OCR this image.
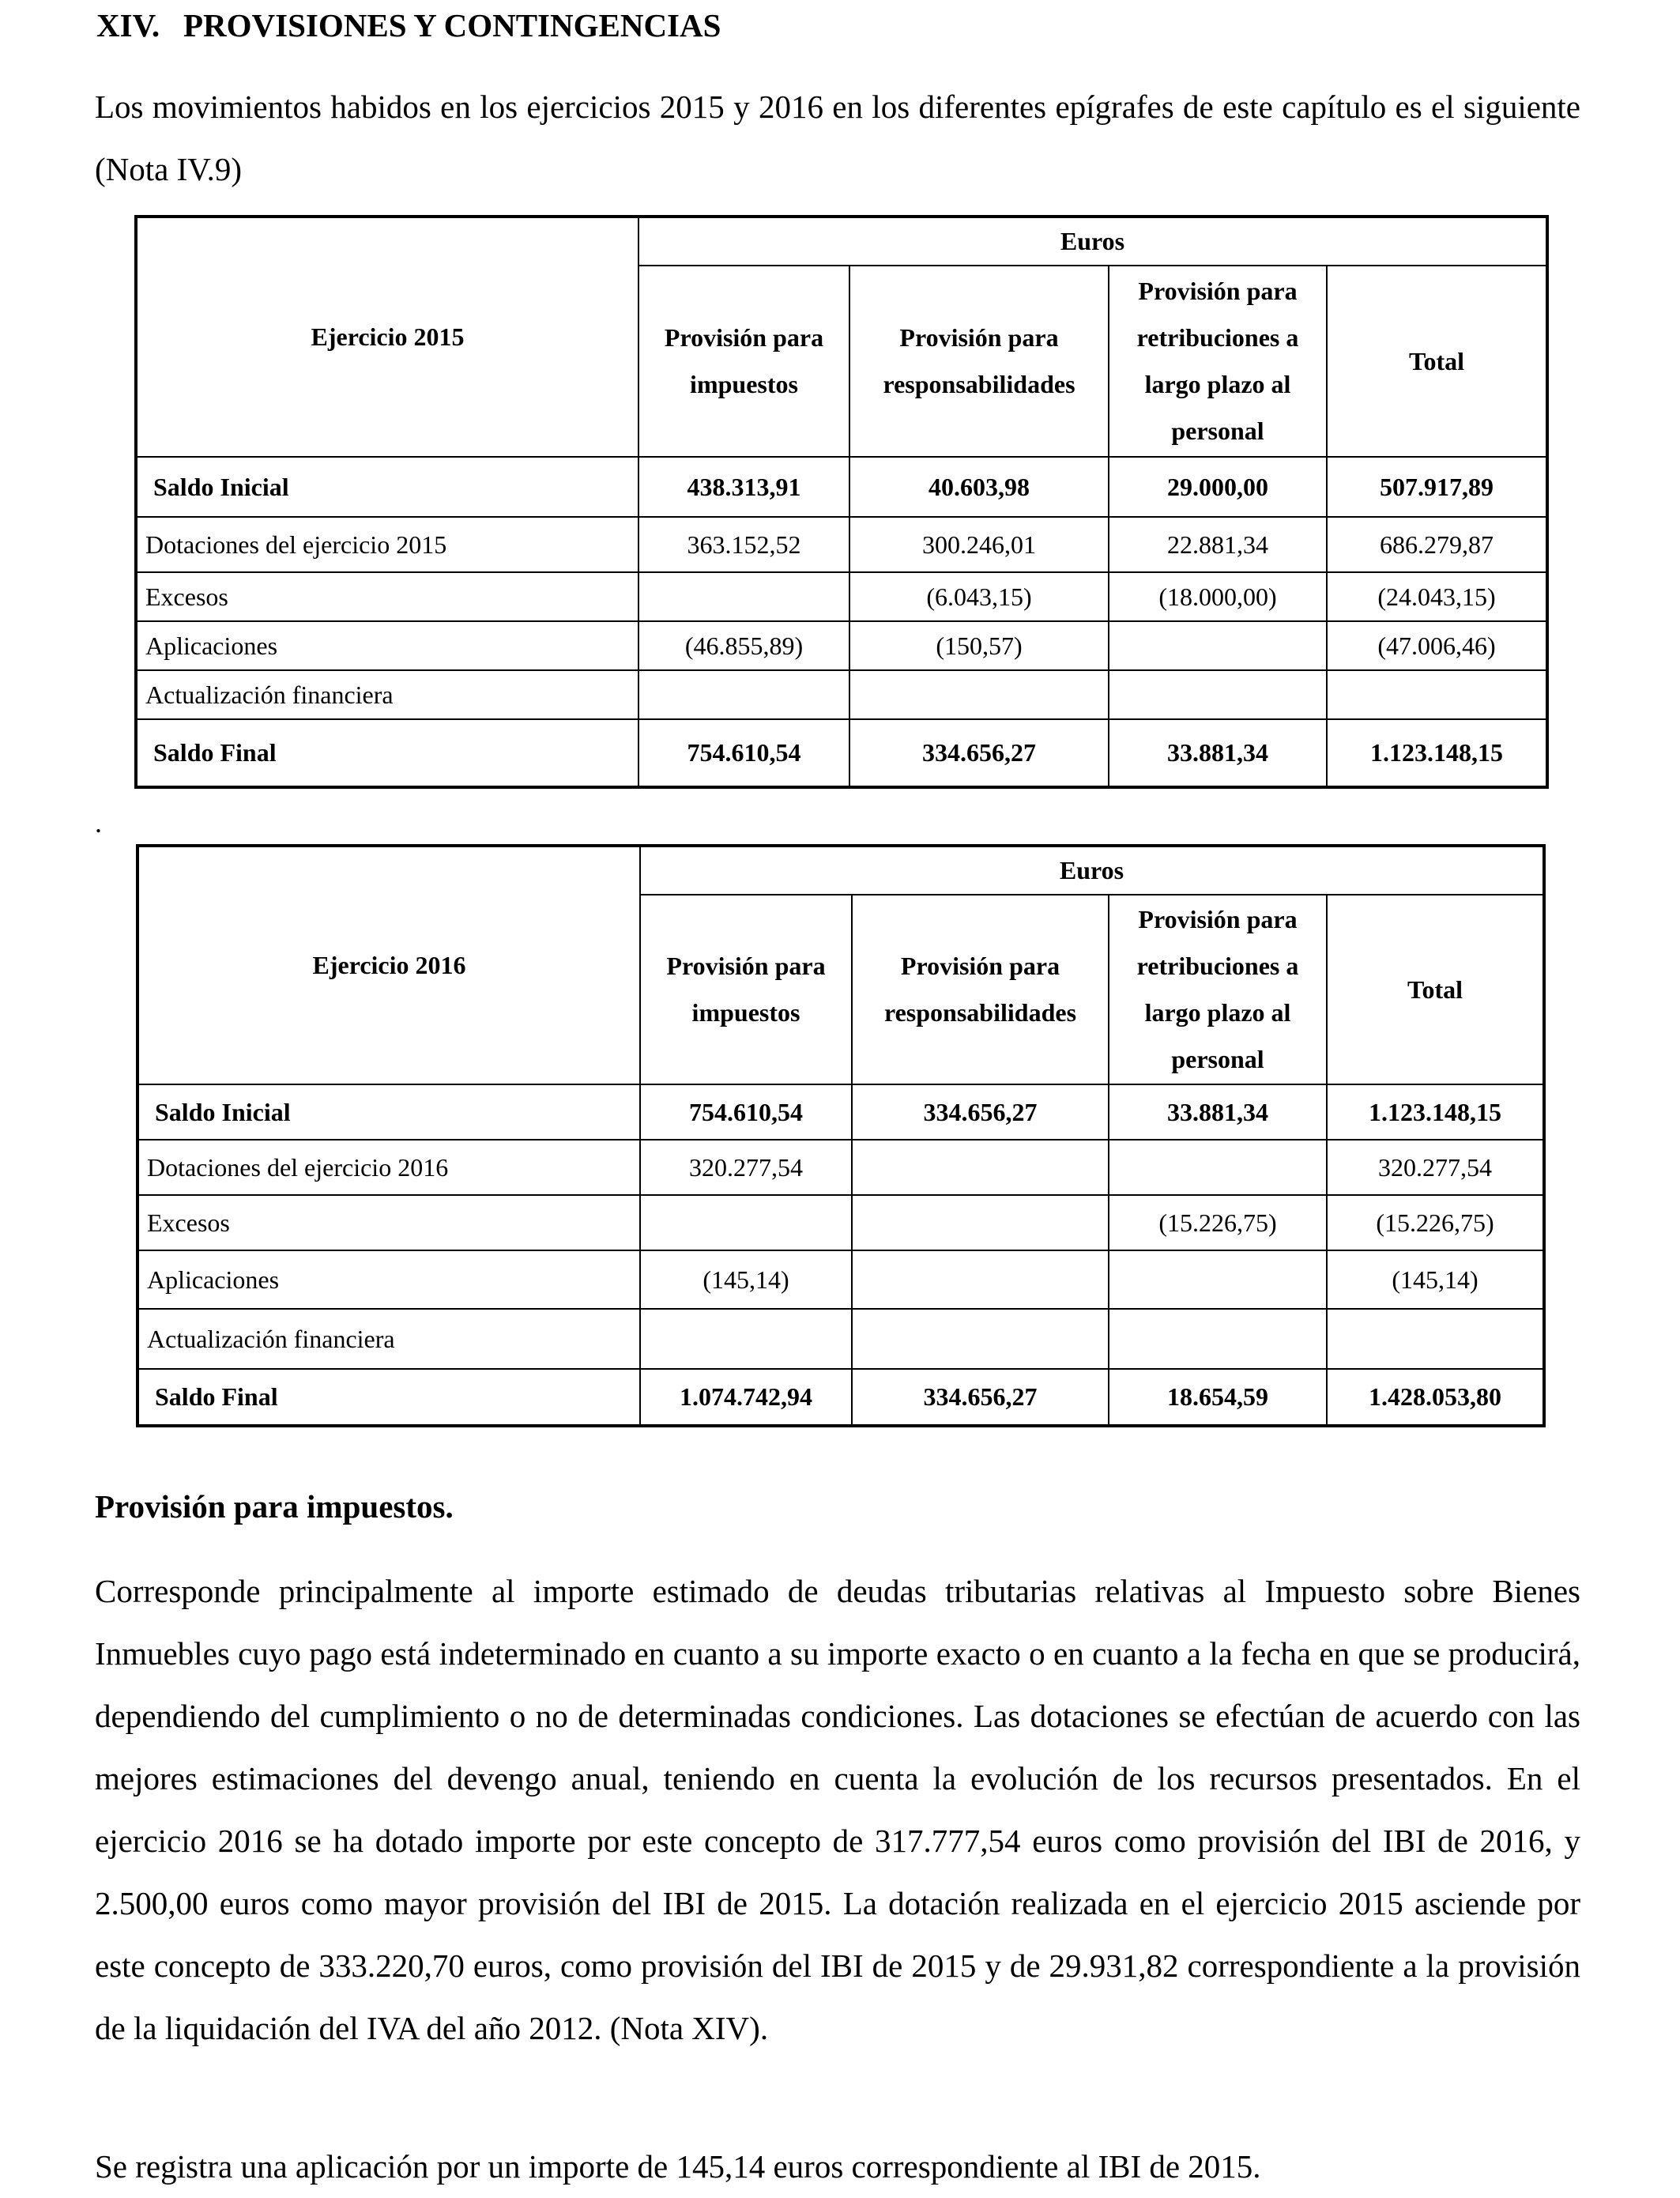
XIV. PROVISIONES Y CONTINGENCIAS

Los movimientos habidos en los ejercicios 2015 y 2016 en los diferentes epígrafes de este capítulo es el siguiente (Nota IV.9)

Ejercicio 2015	Euros			
	Provisión para impuestos	Provisión para responsabilidades	Provisión para retribuciones a largo plazo al personal	Total
Saldo Inicial	438.313,91	40.603,98	29.000,00	507.917,89
Dotaciones del ejercicio 2015	363.152,52	300.246,01	22.881,34	686.279,87
Excesos		(6.043,15)	(18.000,00)	(24.043,15)
Aplicaciones	(46.855,89)	(150,57)		(47.006,46)
Actualización financiera				
Saldo Final	754.610,54	334.656,27	33.881,34	1.123.148,15
.
Ejercicio 2016	Euros			
	Provisión para impuestos	Provisión para responsabilidades	Provisión para retribuciones a largo plazo al personal	Total
Saldo Inicial	754.610,54	334.656,27	33.881,34	1.123.148,15
Dotaciones del ejercicio 2016	320.277,54			320.277,54
Excesos			(15.226,75)	(15.226,75)
Aplicaciones	(145,14)			(145,14)
Actualización financiera				
Saldo Final	1.074.742,94	334.656,27	18.654,59	1.428.053,80
Provisión para impuestos.

Corresponde principalmente al importe estimado de deudas tributarias relativas al Impuesto sobre Bienes Inmuebles cuyo pago está indeterminado en cuanto a su importe exacto o en cuanto a la fecha en que se producirá, dependiendo del cumplimiento o no de determinadas condiciones. Las dotaciones se efectúan de acuerdo con las mejores estimaciones del devengo anual, teniendo en cuenta la evolución de los recursos presentados. En el ejercicio 2016 se ha dotado importe por este concepto de 317.777,54 euros como provisión del IBI de 2016, y 2.500,00 euros como mayor provisión del IBI de 2015. La dotación realizada en el ejercicio 2015 asciende por este concepto de 333.220,70 euros, como provisión del IBI de 2015 y de 29.931,82 correspondiente a la provisión de la liquidación del IVA del año 2012. (Nota XIV).

Se registra una aplicación por un importe de 145,14 euros correspondiente al IBI de 2015.
